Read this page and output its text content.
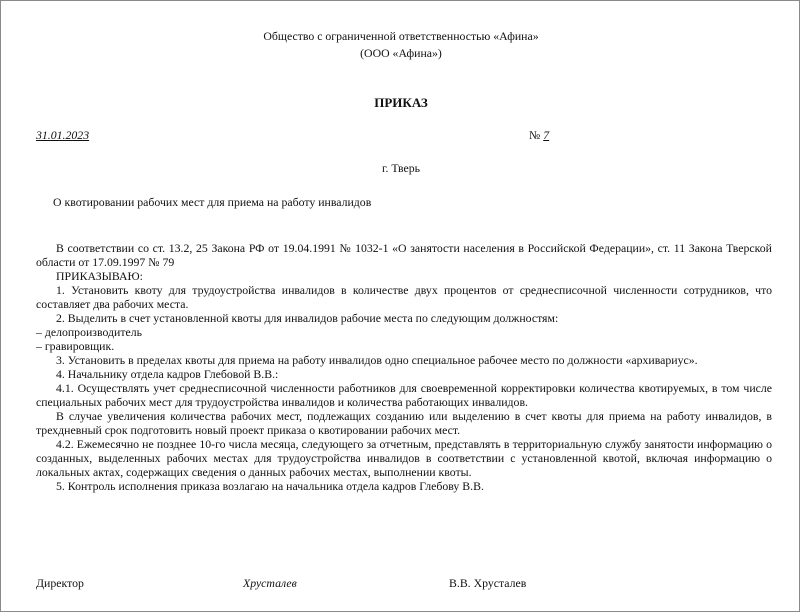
Общество с ограниченной ответственностью «Афина»
(ООО «Афина»)
ПРИКАЗ
31.01.2023	№ 7
г. Тверь
О квотировании рабочих мест для приема на работу инвалидов

В соответствии со ст. 13.2, 25 Закона РФ от 19.04.1991 № 1032-1 «О занятости населения в Российской Федерации», ст. 11 Закона Тверской области от 17.09.1997 № 79

ПРИКАЗЫВАЮ:

1. Установить квоту для трудоустройства инвалидов в количестве двух процентов от среднесписочной численности сотрудников, что составляет два рабочих места.

2. Выделить в счет установленной квоты для инвалидов рабочие места по следующим должностям:

– делопроизводитель
– гравировщик.

3. Установить в пределах квоты для приема на работу инвалидов одно специальное рабочее место по должности «архивариус».

4. Начальнику отдела кадров Глебовой В.В.:

4.1. Осуществлять учет среднесписочной численности работников для своевременной корректировки количества квотируемых, в том числе специальных рабочих мест для трудоустройства инвалидов и количества работающих инвалидов.

В случае увеличения количества рабочих мест, подлежащих созданию или выделению в счет квоты для приема на работу инвалидов, в трехдневный срок подготовить новый проект приказа о квотировании рабочих мест.

4.2. Ежемесячно не позднее 10-го числа месяца, следующего за отчетным, представлять в территориальную службу занятости информацию о созданных, выделенных рабочих местах для трудоустройства инвалидов в соответствии с установленной квотой, включая информацию о локальных актах, содержащих сведения о данных рабочих местах, выполнении квоты.

5. Контроль исполнения приказа возлагаю на начальника отдела кадров Глебову В.В.

Директор	Хрусталев	В.В. Хрусталев
